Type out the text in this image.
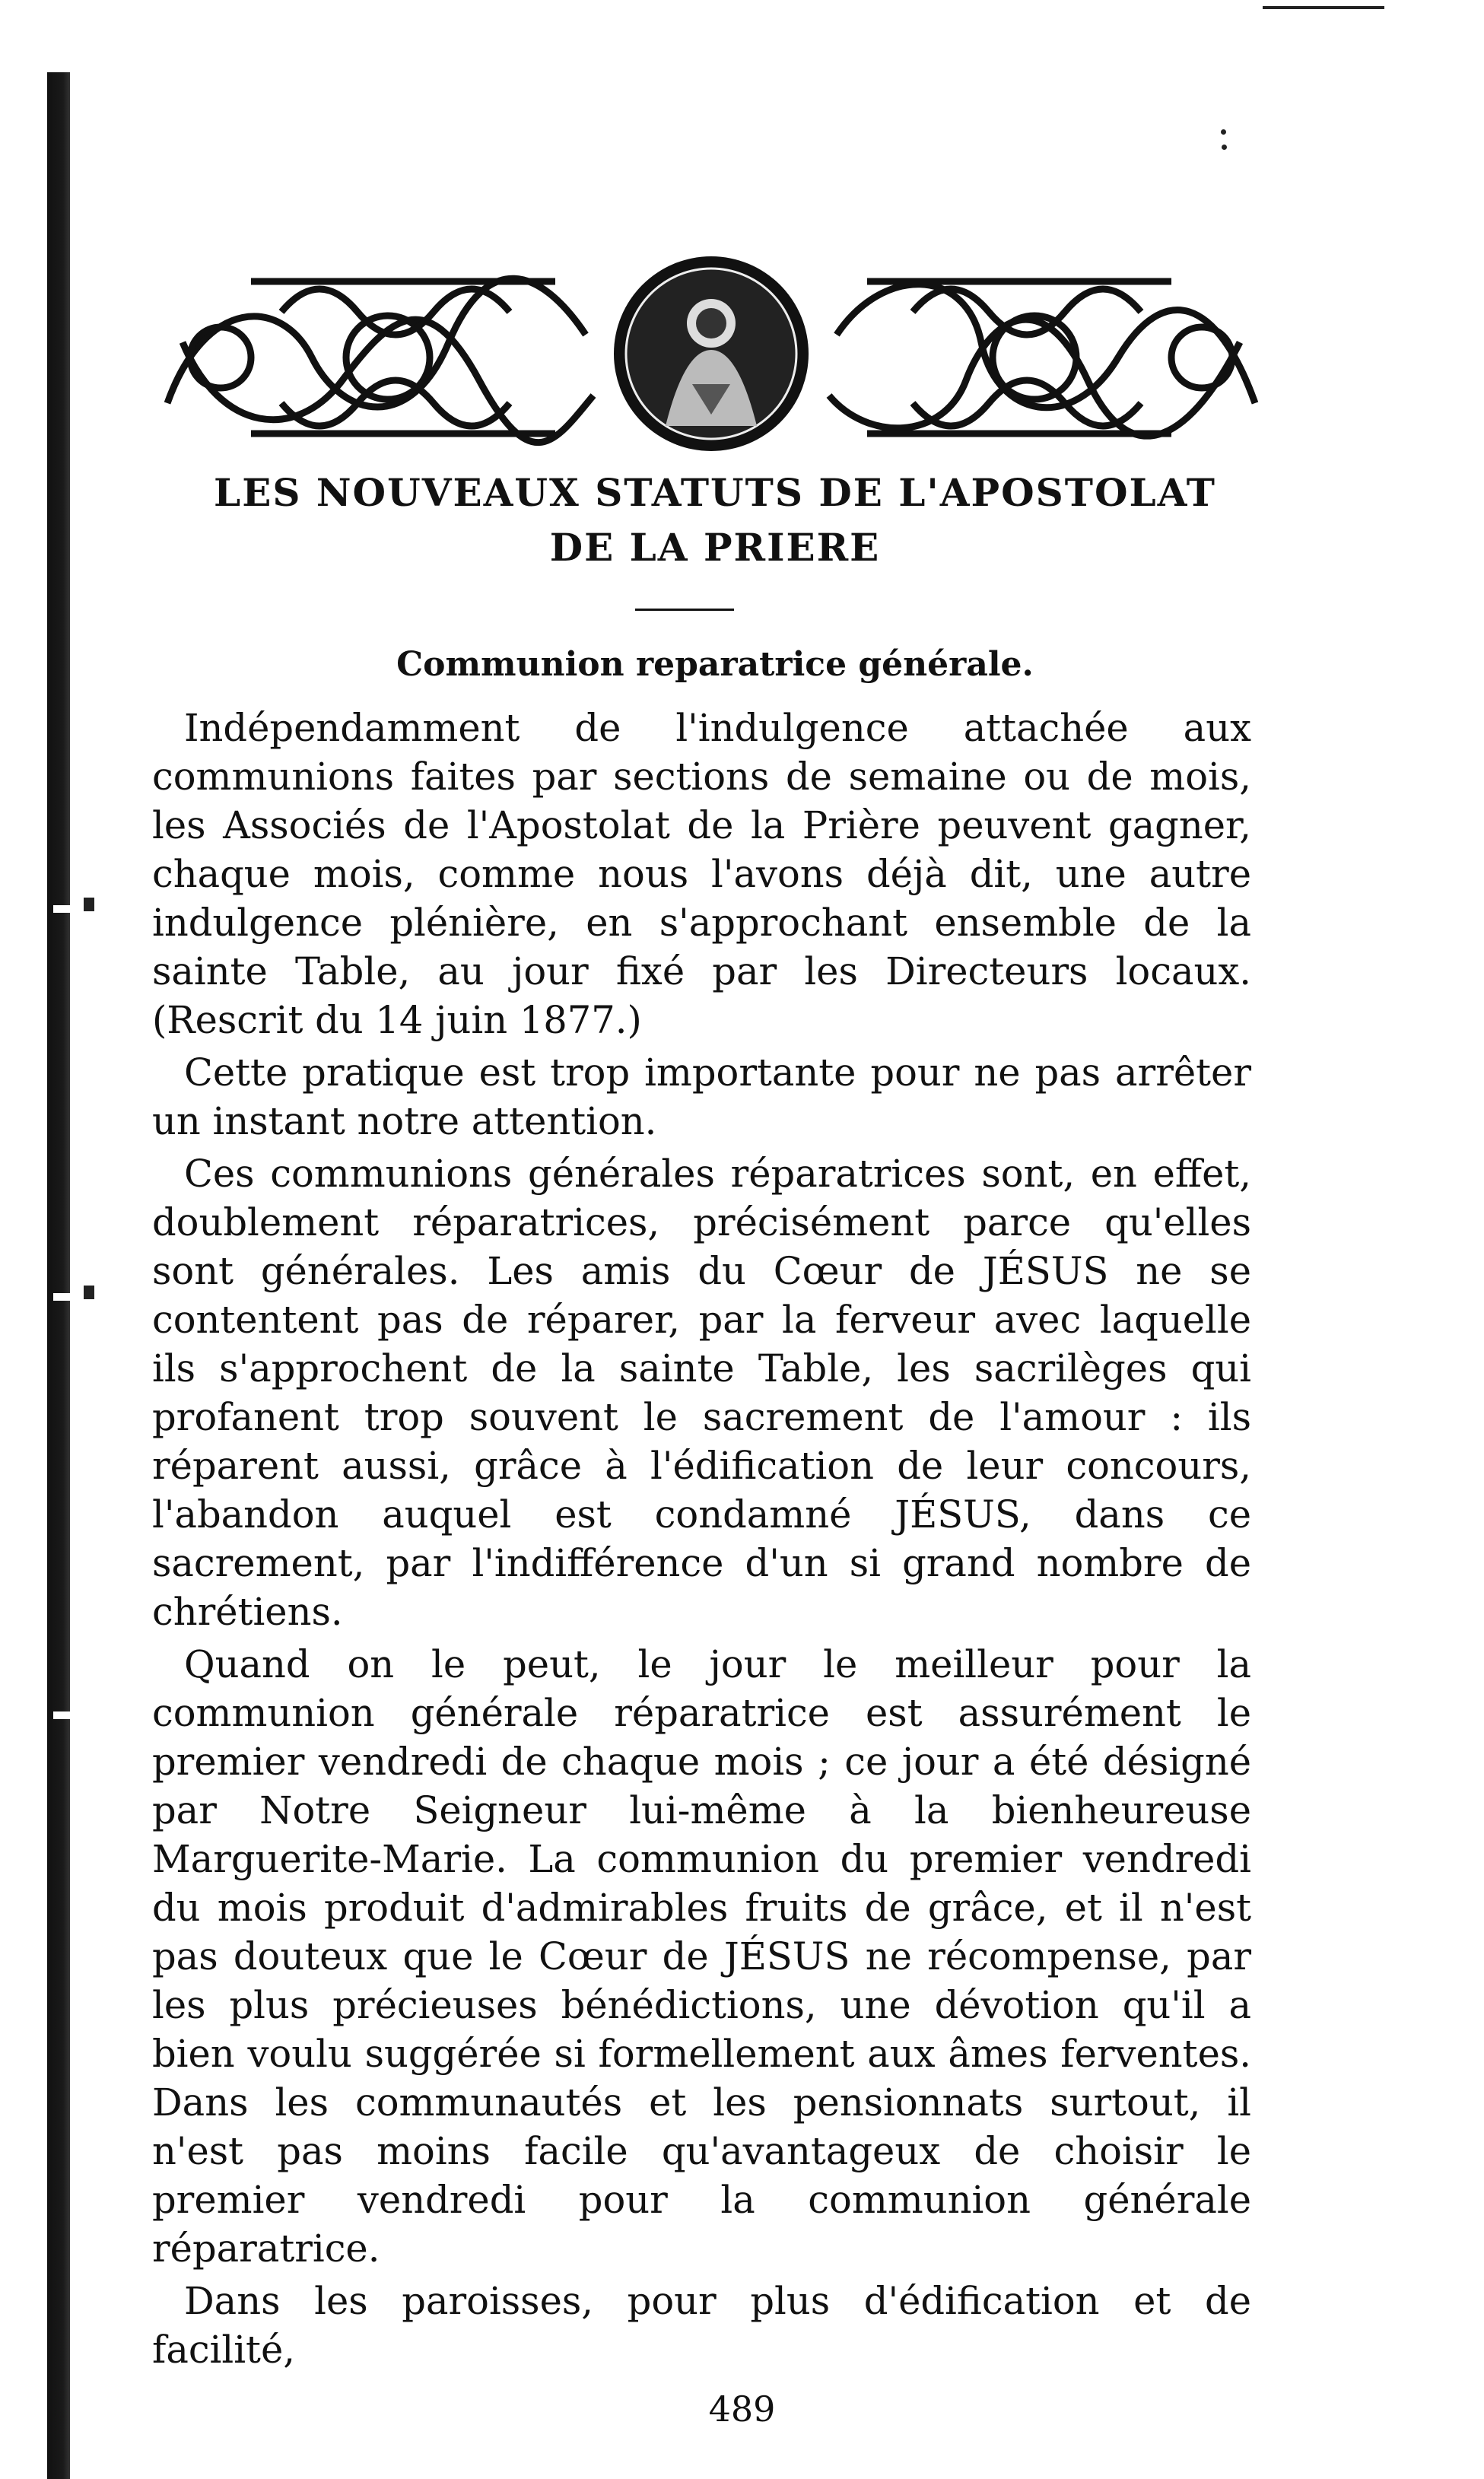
LES NOUVEAUX STATUTS DE L'APOSTOLAT
DE LA PRIERE
Communion reparatrice générale.

Indépendamment de l'indulgence attachée aux communions faites par sections de semaine ou de mois, les Associés de l'Apostolat de la Prière peuvent gagner, chaque mois, comme nous l'avons déjà dit, une autre indulgence plénière, en s'approchant ensemble de la sainte Table, au jour fixé par les Directeurs locaux. (Rescrit du 14 juin 1877.)

Cette pratique est trop importante pour ne pas arrêter un instant notre attention.

Ces communions générales réparatrices sont, en effet, doublement réparatrices, précisément parce qu'elles sont générales. Les amis du Cœur de JÉSUS ne se contentent pas de réparer, par la ferveur avec laquelle ils s'approchent de la sainte Table, les sacrilèges qui profanent trop souvent le sacrement de l'amour : ils réparent aussi, grâce à l'édification de leur concours, l'abandon auquel est condamné JÉSUS, dans ce sacrement, par l'indifférence d'un si grand nombre de chrétiens.

Quand on le peut, le jour le meilleur pour la communion générale réparatrice est assurément le premier vendredi de chaque mois ; ce jour a été désigné par Notre Seigneur lui-même à la bienheureuse Marguerite-Marie. La communion du premier vendredi du mois produit d'admirables fruits de grâce, et il n'est pas douteux que le Cœur de JÉSUS ne récompense, par les plus précieuses bénédictions, une dévotion qu'il a bien voulu suggérée si formellement aux âmes ferventes. Dans les communautés et les pensionnats surtout, il n'est pas moins facile qu'avantageux de choisir le premier vendredi pour la communion générale réparatrice.

Dans les paroisses, pour plus d'édification et de facilité,

489
